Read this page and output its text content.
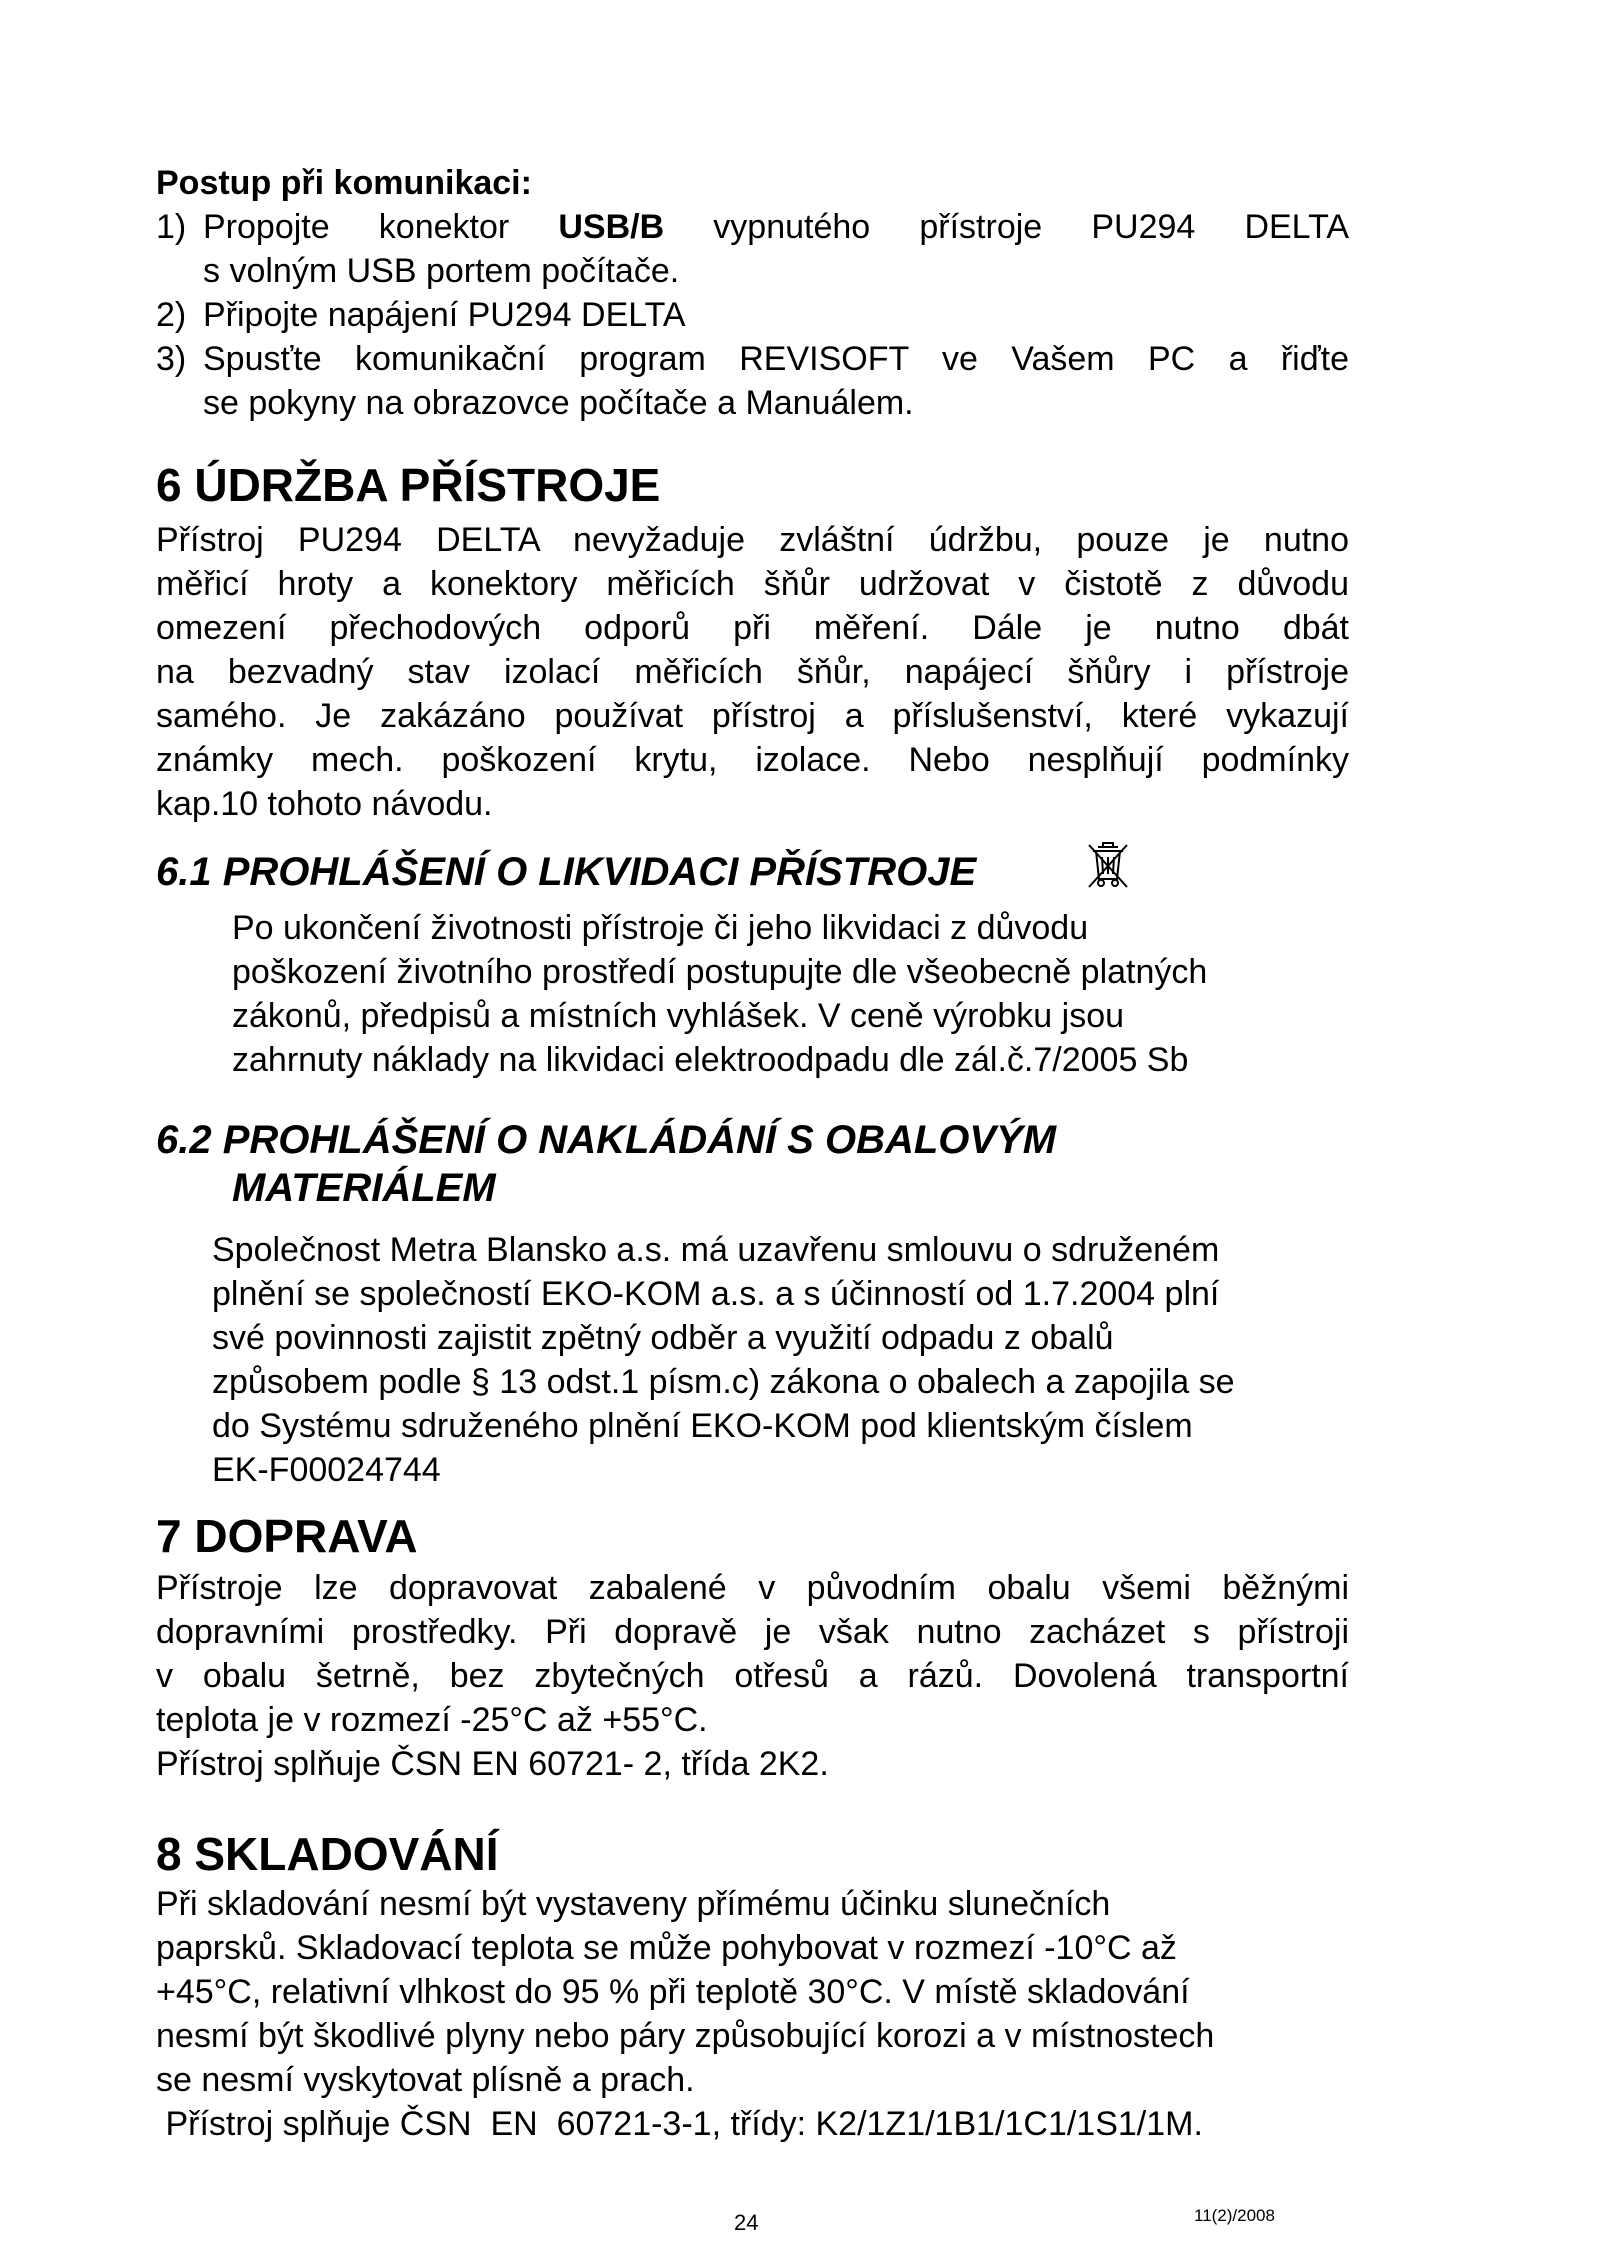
Postup při komunikaci:
1) Propojte konektor USB/B vypnutého přístroje PU294 DELTA
s volným USB portem počítače.
2) Připojte napájení PU294 DELTA
3) Spusťte komunikační program REVISOFT ve Vašem PC a řiďte
se pokyny na obrazovce počítače a Manuálem.
6 ÚDRŽBA PŘÍSTROJE
Přístroj PU294 DELTA nevyžaduje zvláštní údržbu, pouze je nutno
měřicí hroty a konektory měřicích šňůr udržovat v čistotě z důvodu
omezení přechodových odporů při měření. Dále je nutno dbát
na bezvadný stav izolací měřicích šňůr, napájecí šňůry i přístroje
samého. Je zakázáno používat přístroj a příslušenství, které vykazují
známky mech. poškození krytu, izolace. Nebo nesplňují podmínky
kap.10 tohoto návodu.
6.1 PROHLÁŠENÍ O LIKVIDACI PŘÍSTROJE
Po ukončení životnosti přístroje či jeho likvidaci z důvodu
poškození životního prostředí postupujte dle všeobecně platných
zákonů, předpisů a místních vyhlášek. V ceně výrobku jsou
zahrnuty náklady na likvidaci elektroodpadu dle zál.č.7/2005 Sb
6.2 PROHLÁŠENÍ O NAKLÁDÁNÍ S OBALOVÝM
MATERIÁLEM
Společnost Metra Blansko a.s. má uzavřenu smlouvu o sdruženém
plnění se společností EKO-KOM a.s. a s účinností od 1.7.2004 plní
své povinnosti zajistit zpětný odběr a využití odpadu z obalů
způsobem podle § 13 odst.1 písm.c) zákona o obalech a zapojila se
do Systému sdruženého plnění EKO-KOM pod klientským číslem
EK-F00024744
7 DOPRAVA
Přístroje lze dopravovat zabalené v původním obalu všemi běžnými
dopravními prostředky. Při dopravě je však nutno zacházet s přístroji
v obalu šetrně, bez zbytečných otřesů a rázů. Dovolená transportní
teplota je v rozmezí -25°C až +55°C.
Přístroj splňuje ČSN EN 60721- 2, třída 2K2.
8 SKLADOVÁNÍ
Při skladování nesmí být vystaveny přímému účinku slunečních
paprsků. Skladovací teplota se může pohybovat v rozmezí -10°C až
+45°C, relativní vlhkost do 95 % při teplotě 30°C. V místě skladování
nesmí být škodlivé plyny nebo páry způsobující korozi a v místnostech
se nesmí vyskytovat plísně a prach.
Přístroj splňuje ČSN  EN  60721-3-1, třídy: K2/1Z1/1B1/1C1/1S1/1M.
24	11(2)/2008
